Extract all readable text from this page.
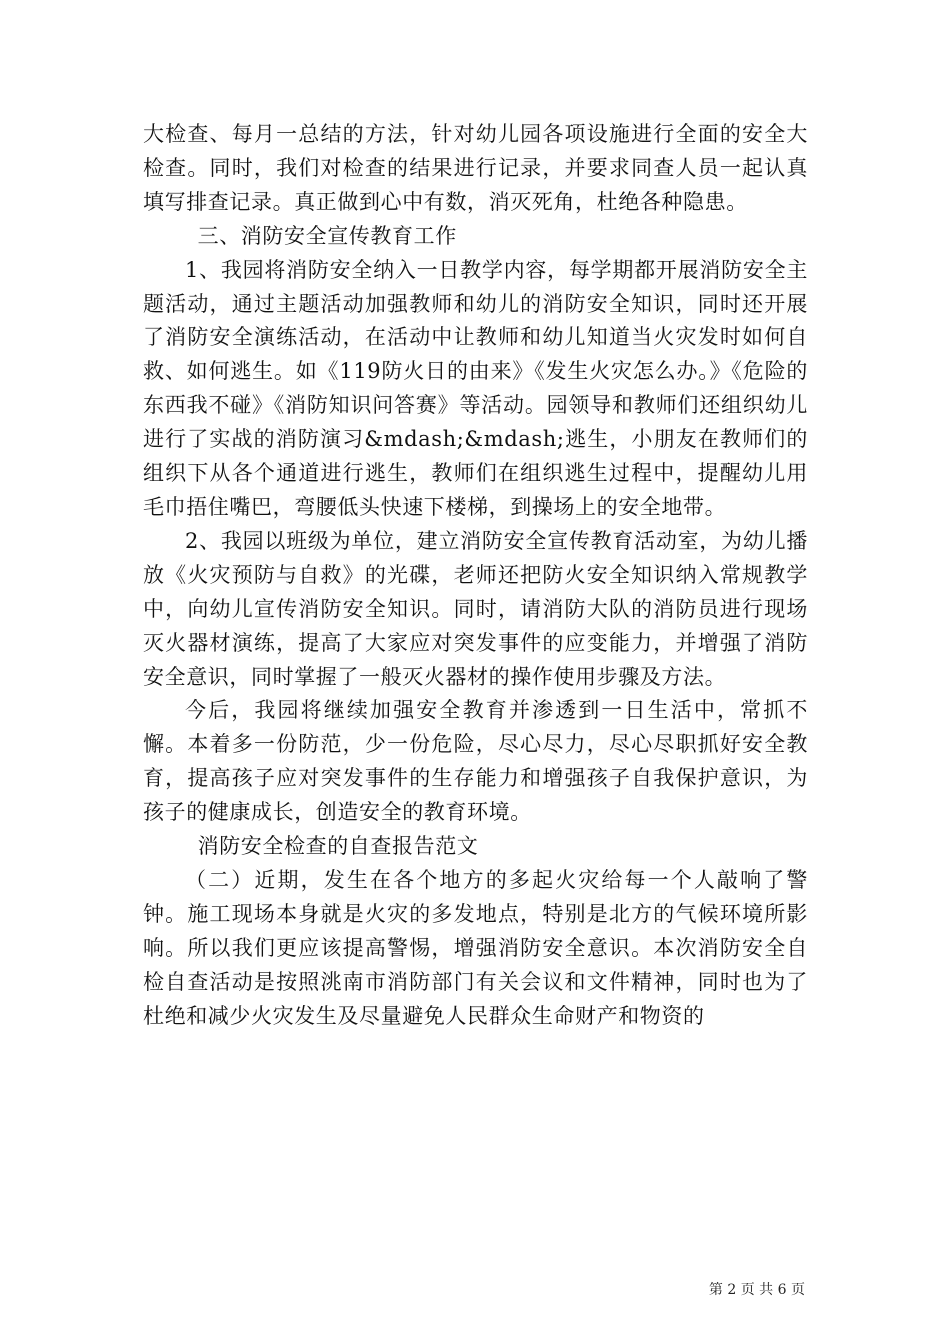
大检查、每月一总结的方法，针对幼儿园各项设施进行全面的安全大检查。同时，我们对检查的结果进行记录，并要求同查人员一起认真填写排查记录。真正做到心中有数，消灭死角，杜绝各种隐患。

三、消防安全宣传教育工作

1、我园将消防安全纳入一日教学内容，每学期都开展消防安全主题活动，通过主题活动加强教师和幼儿的消防安全知识，同时还开展了消防安全演练活动，在活动中让教师和幼儿知道当火灾发时如何自救、如何逃生。如《119防火日的由来》《发生火灾怎么办。》《危险的东西我不碰》《消防知识问答赛》等活动。园领导和教师们还组织幼儿进行了实战的消防演习&mdash;&mdash;逃生，小朋友在教师们的组织下从各个通道进行逃生，教师们在组织逃生过程中，提醒幼儿用毛巾捂住嘴巴，弯腰低头快速下楼梯，到操场上的安全地带。

2、我园以班级为单位，建立消防安全宣传教育活动室，为幼儿播放《火灾预防与自救》的光碟，老师还把防火安全知识纳入常规教学中，向幼儿宣传消防安全知识。同时，请消防大队的消防员进行现场灭火器材演练，提高了大家应对突发事件的应变能力，并增强了消防安全意识，同时掌握了一般灭火器材的操作使用步骤及方法。

今后，我园将继续加强安全教育并渗透到一日生活中，常抓不懈。本着多一份防范，少一份危险，尽心尽力，尽心尽职抓好安全教育，提高孩子应对突发事件的生存能力和增强孩子自我保护意识，为孩子的健康成长，创造安全的教育环境。

消防安全检查的自查报告范文

（二）近期，发生在各个地方的多起火灾给每一个人敲响了警钟。施工现场本身就是火灾的多发地点，特别是北方的气候环境所影响。所以我们更应该提高警惕，增强消防安全意识。本次消防安全自检自查活动是按照洮南市消防部门有关会议和文件精神，同时也为了杜绝和减少火灾发生及尽量避免人民群众生命财产和物资的

第 2 页 共 6 页
